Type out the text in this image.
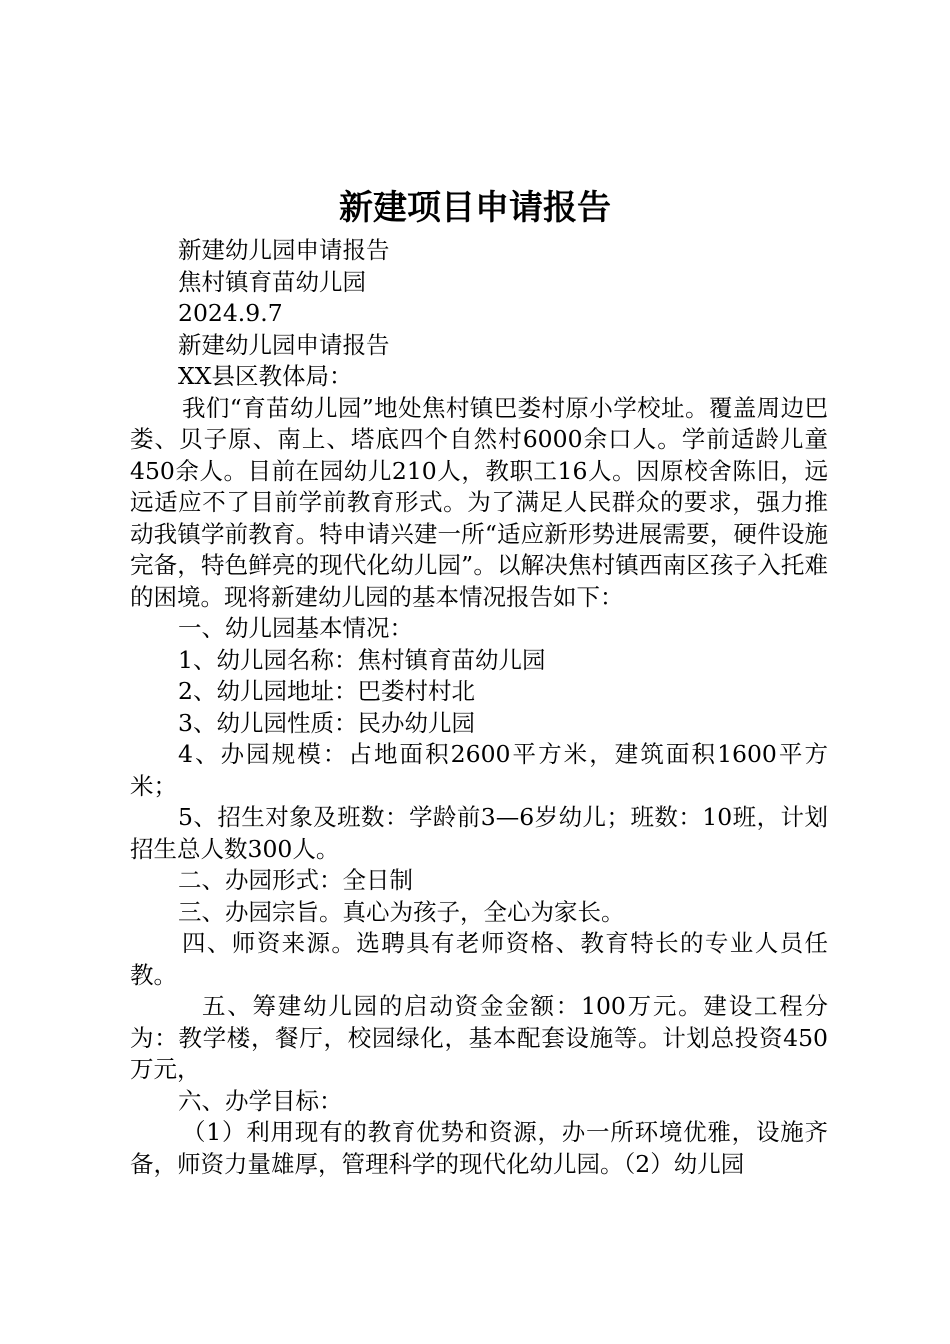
新建项目申请报告

新建幼儿园申请报告

焦村镇育苗幼儿园

2024.9.7

新建幼儿园申请报告

XX县区教体局：

我们“育苗幼儿园”地处焦村镇巴娄村原小学校址。覆盖周边巴娄、贝子原、南上、塔底四个自然村6000余口人。学前适龄儿童450余人。目前在园幼儿210人，教职工16人。因原校舍陈旧，远远适应不了目前学前教育形式。为了满足人民群众的要求，强力推动我镇学前教育。特申请兴建一所“适应新形势进展需要，硬件设施完备，特色鲜亮的现代化幼儿园”。以解决焦村镇西南区孩子入托难的困境。现将新建幼儿园的基本情况报告如下：

一、幼儿园基本情况：

1、幼儿园名称：焦村镇育苗幼儿园

2、幼儿园地址：巴娄村村北

3、幼儿园性质：民办幼儿园

4、办园规模：占地面积2600平方米，建筑面积1600平方米；

5、招生对象及班数：学龄前3—6岁幼儿；班数：10班，计划招生总人数300人。

二、办园形式：全日制

三、办园宗旨。真心为孩子，全心为家长。

四、师资来源。选聘具有老师资格、教育特长的专业人员任教。

五、筹建幼儿园的启动资金金额：100万元。建设工程分为：教学楼，餐厅，校园绿化，基本配套设施等。计划总投资450万元，

六、办学目标：

（1）利用现有的教育优势和资源，办一所环境优雅，设施齐备，师资力量雄厚，管理科学的现代化幼儿园。（2）幼儿园
